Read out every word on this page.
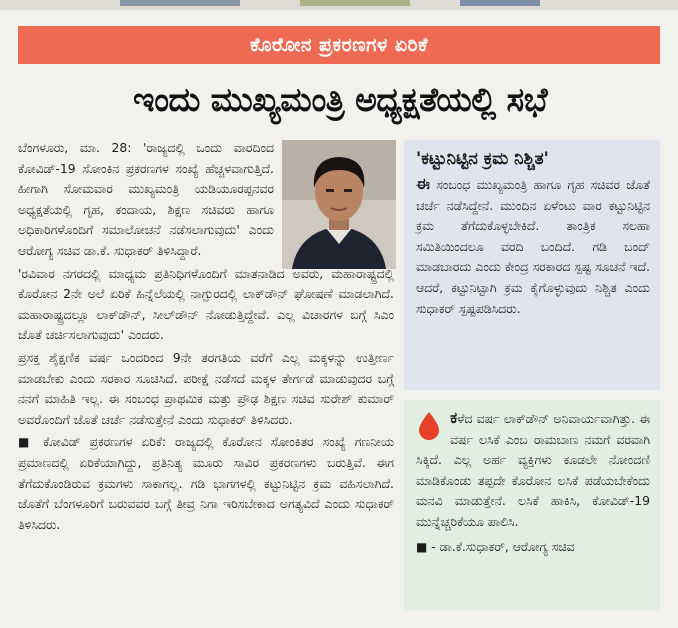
ಕೊರೋನ ಪ್ರಕರಣಗಳ ಏರಿಕೆ
ಇಂದು ಮುಖ್ಯಮಂತ್ರಿ ಅಧ್ಯಕ್ಷತೆಯಲ್ಲಿ ಸಭೆ

ಬೆಂಗಳೂರು, ಮಾ. 28: 'ರಾಜ್ಯದಲ್ಲಿ ಒಂದು ವಾರದಿಂದ ಕೋವಿಡ್-19 ಸೋಂಕಿನ ಪ್ರಕರಣಗಳ ಸಂಖ್ಯೆ ಹೆಚ್ಚಳವಾಗುತ್ತಿದೆ. ಹೀಗಾಗಿ ಸೋಮವಾರ ಮುಖ್ಯಮಂತ್ರಿ ಯಡಿಯೂರಪ್ಪನವರ ಅಧ್ಯಕ್ಷತೆಯಲ್ಲಿ ಗೃಹ, ಕಂದಾಯ, ಶಿಕ್ಷಣ ಸಚಿವರು ಹಾಗೂ ಅಧಿಕಾರಿಗಳೊಂದಿಗೆ ಸಮಾಲೋಚನೆ ನಡೆಸಲಾಗುವುದು' ಎಂದು ಆರೋಗ್ಯ ಸಚಿವ ಡಾ.ಕೆ. ಸುಧಾಕರ್ ತಿಳಿಸಿದ್ದಾರೆ.

'ರವಿವಾರ ನಗರದಲ್ಲಿ ಮಾಧ್ಯಮ ಪ್ರತಿನಿಧಿಗಳೊಂದಿಗೆ ಮಾತನಾಡಿದ ಅವರು, ಮಹಾರಾಷ್ಟ್ರದಲ್ಲಿ ಕೊರೋನ 2ನೇ ಅಲೆ ಏರಿಕೆ ಹಿನ್ನೆಲೆಯಲ್ಲಿ ನಾಗ್ಪುರದಲ್ಲಿ ಲಾಕ್‌ಡೌನ್ ಘೋಷಣೆ ಮಾಡಲಾಗಿದೆ. ಮಹಾರಾಷ್ಟ್ರದಲ್ಲೂ ಲಾಕ್‌ಡೌನ್, ಸೀಲ್‌ಡೌನ್ ನೋಡುತ್ತಿದ್ದೇವೆ. ಎಲ್ಲ ವಿಚಾರಗಳ ಬಗ್ಗೆ ಸಿಎಂ ಜೊತೆ ಚರ್ಚಿಸಲಾಗುವುದು' ಎಂದರು.

ಪ್ರಸಕ್ತ ಶೈಕ್ಷಣಿಕ ವರ್ಷ ಒಂದರಿಂದ 9ನೇ ತರಗತಿಯ ವರೆಗೆ ಎಲ್ಲ ಮಕ್ಕಳನ್ನು ಉತ್ತೀರ್ಣ ಮಾಡಬೇಕು ಎಂದು ಸರಕಾರ ಸೂಚಿಸಿದೆ. ಪರೀಕ್ಷೆ ನಡೆಸದೆ ಮಕ್ಕಳ ತೇರ್ಗಡೆ ಮಾಡುವುದರ ಬಗ್ಗೆ ನನಗೆ ಮಾಹಿತಿ ಇಲ್ಲ. ಈ ಸಂಬಂಧ ಪ್ರಾಥಮಿಕ ಮತ್ತು ಪ್ರೌಢ ಶಿಕ್ಷಣ ಸಚಿವ ಸುರೇಶ್ ಕುಮಾರ್ ಅವರೊಂದಿಗೆ ಜೊತೆ ಚರ್ಚೆ ನಡೆಸುತ್ತೇನೆ ಎಂದು ಸುಧಾಕರ್ ತಿಳಿಸಿದರು.

■ ಕೋವಿಡ್ ಪ್ರಕರಣಗಳ ಏರಿಕೆ: ರಾಜ್ಯದಲ್ಲಿ ಕೊರೋನ ಸೋಂಕಿತರ ಸಂಖ್ಯೆ ಗಣನೀಯ ಪ್ರಮಾಣದಲ್ಲಿ ಏರಿಕೆಯಾಗಿದ್ದು, ಪ್ರತಿನಿತ್ಯ ಮೂರು ಸಾವಿರ ಪ್ರಕರಣಗಳು ಬರುತ್ತಿವೆ. ಈಗ ತೆಗೆದುಕೊಂಡಿರುವ ಕ್ರಮಗಳು ಸಾಕಾಗಲ್ಲ. ಗಡಿ ಭಾಗಗಳಲ್ಲಿ ಕಟ್ಟುನಿಟ್ಟಿನ ಕ್ರಮ ವಹಿಸಲಾಗಿದೆ. ಜೊತೆಗೆ ಬೆಂಗಳೂರಿಗೆ ಬರುವವರ ಬಗ್ಗೆ ತೀವ್ರ ನಿಗಾ ಇರಿಸಬೇಕಾದ ಅಗತ್ಯವಿದೆ ಎಂದು ಸುಧಾಕರ್ ತಿಳಿಸಿದರು.

'ಕಟ್ಟುನಿಟ್ಟಿನ ಕ್ರಮ ನಿಶ್ಚಿತ'
ಈ ಸಂಬಂಧ ಮುಖ್ಯಮಂತ್ರಿ ಹಾಗೂ ಗೃಹ ಸಚಿವರ ಜೊತೆ ಚರ್ಚೆ ನಡೆಸಿದ್ದೇನೆ. ಮುಂದಿನ ಏಳೆಂಟು ವಾರ ಕಟ್ಟುನಿಟ್ಟಿನ ಕ್ರಮ ತೆಗೆದುಕೊಳ್ಳಬೇಕಿದೆ. ತಾಂತ್ರಿಕ ಸಲಹಾ ಸಮಿತಿಯಿಂದಲೂ ವರದಿ ಬಂದಿದೆ. ಗಡಿ ಬಂದ್ ಮಾಡಬಾರದು ಎಂದು ಕೇಂದ್ರ ಸರಕಾರದ ಸ್ಪಷ್ಟ ಸೂಚನೆ ಇದೆ. ಆದರೆ, ಕಟ್ಟುನಿಟ್ಟಾಗಿ ಕ್ರಮ ಕೈಗೊಳ್ಳುವುದು ನಿಶ್ಚಿತ ಎಂದು ಸುಧಾಕರ್ ಸ್ಪಷ್ಟಪಡಿಸಿದರು.
ಕಳೆದ ವರ್ಷ ಲಾಕ್‌ಡೌನ್ ಅನಿವಾರ್ಯವಾಗಿತ್ತು. ಈ ವರ್ಷ ಲಸಿಕೆ ಎಂಬ ರಾಮಬಾಣ ನಮಗೆ ವರವಾಗಿ ಸಿಕ್ಕಿದೆ. ಎಲ್ಲ ಅರ್ಹ ವ್ಯಕ್ತಿಗಳು ಕೂಡಲೇ ನೋಂದಣಿ ಮಾಡಿಕೊಂಡು ತಪ್ಪದೇ ಕೊರೋನ ಲಸಿಕೆ ಪಡೆಯಬೇಕೆಂದು ಮನವಿ ಮಾಡುತ್ತೇನೆ. ಲಸಿಕೆ ಹಾಕಿಸಿ, ಕೋವಿಡ್-19 ಮುನ್ನೆಚ್ಚರಿಕೆಯೂ ಪಾಲಿಸಿ.
■ - ಡಾ.ಕೆ.ಸುಧಾಕರ್, ಆರೋಗ್ಯ ಸಚಿವ
